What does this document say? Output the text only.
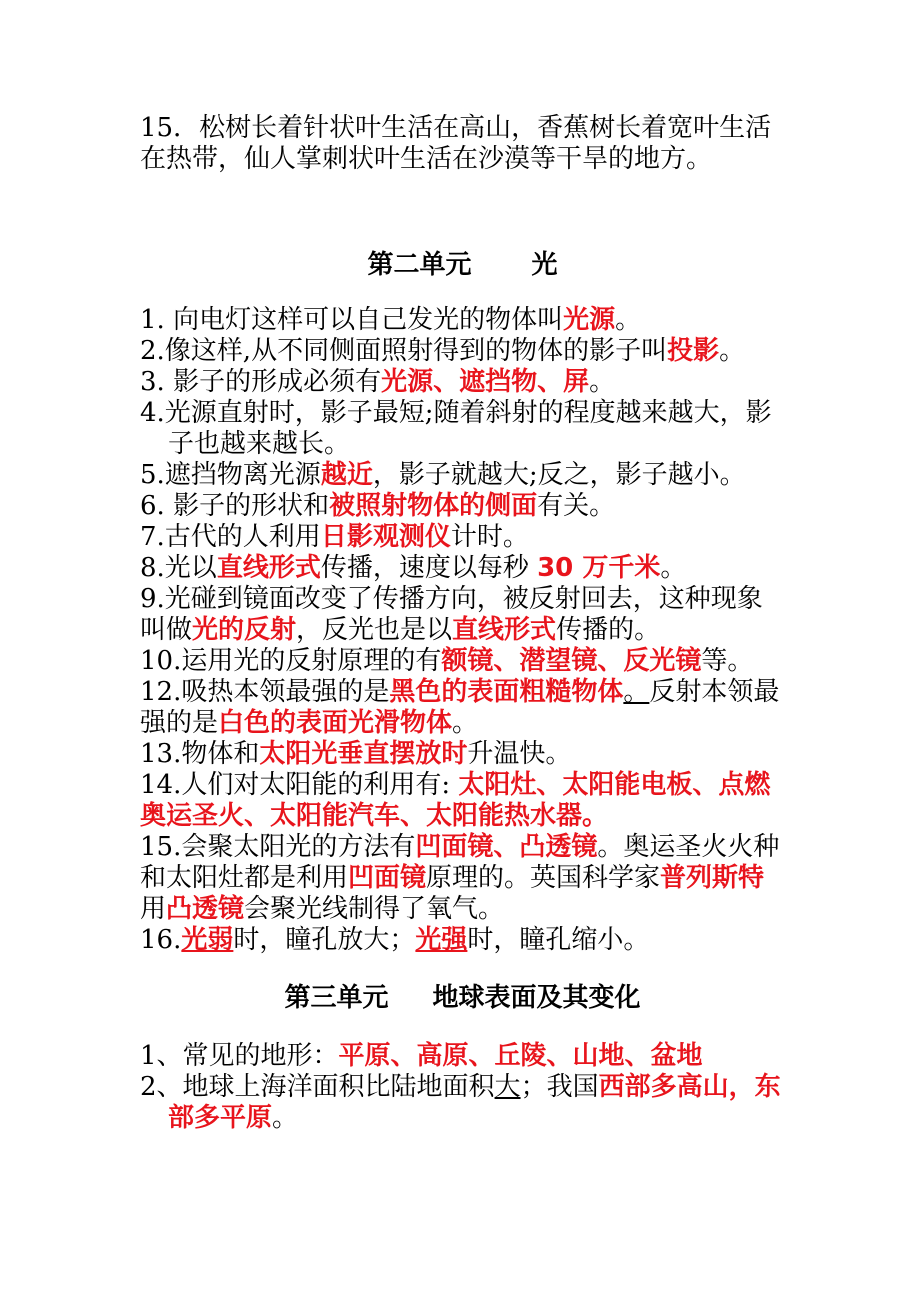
15．松树长着针状叶生活在高山，香蕉树长着宽叶生活在热带，仙人掌刺状叶生活在沙漠等干旱的地方。

第二单元 光

1. 向电灯这样可以自己发光的物体叫光源。

2.像这样,从不同侧面照射得到的物体的影子叫投影。

3. 影子的形成必须有光源、遮挡物、屏。

4.光源直射时，影子最短;随着斜射的程度越来越大，影子也越来越长。

5.遮挡物离光源越近，影子就越大;反之，影子越小。

6. 影子的形状和被照射物体的侧面有关。

7.古代的人利用日影观测仪计时。

8.光以直线形式传播，速度以每秒 30 万千米。

9.光碰到镜面改变了传播方向，被反射回去，这种现象叫做光的反射，反光也是以直线形式传播的。

10.运用光的反射原理的有额镜、潜望镜、反光镜等。

12.吸热本领最强的是黑色的表面粗糙物体。反射本领最强的是白色的表面光滑物体。

13.物体和太阳光垂直摆放时升温快。

14.人们对太阳能的利用有: 太阳灶、太阳能电板、点燃奥运圣火、太阳能汽车、太阳能热水器。

15.会聚太阳光的方法有凹面镜、凸透镜。奥运圣火火种和太阳灶都是利用凹面镜原理的。英国科学家普列斯特用凸透镜会聚光线制得了氧气。

16.光弱时，瞳孔放大；光强时，瞳孔缩小。

第三单元 地球表面及其变化

1、常见的地形：平原、高原、丘陵、山地、盆地

2、地球上海洋面积比陆地面积大；我国西部多高山，东部多平原。
